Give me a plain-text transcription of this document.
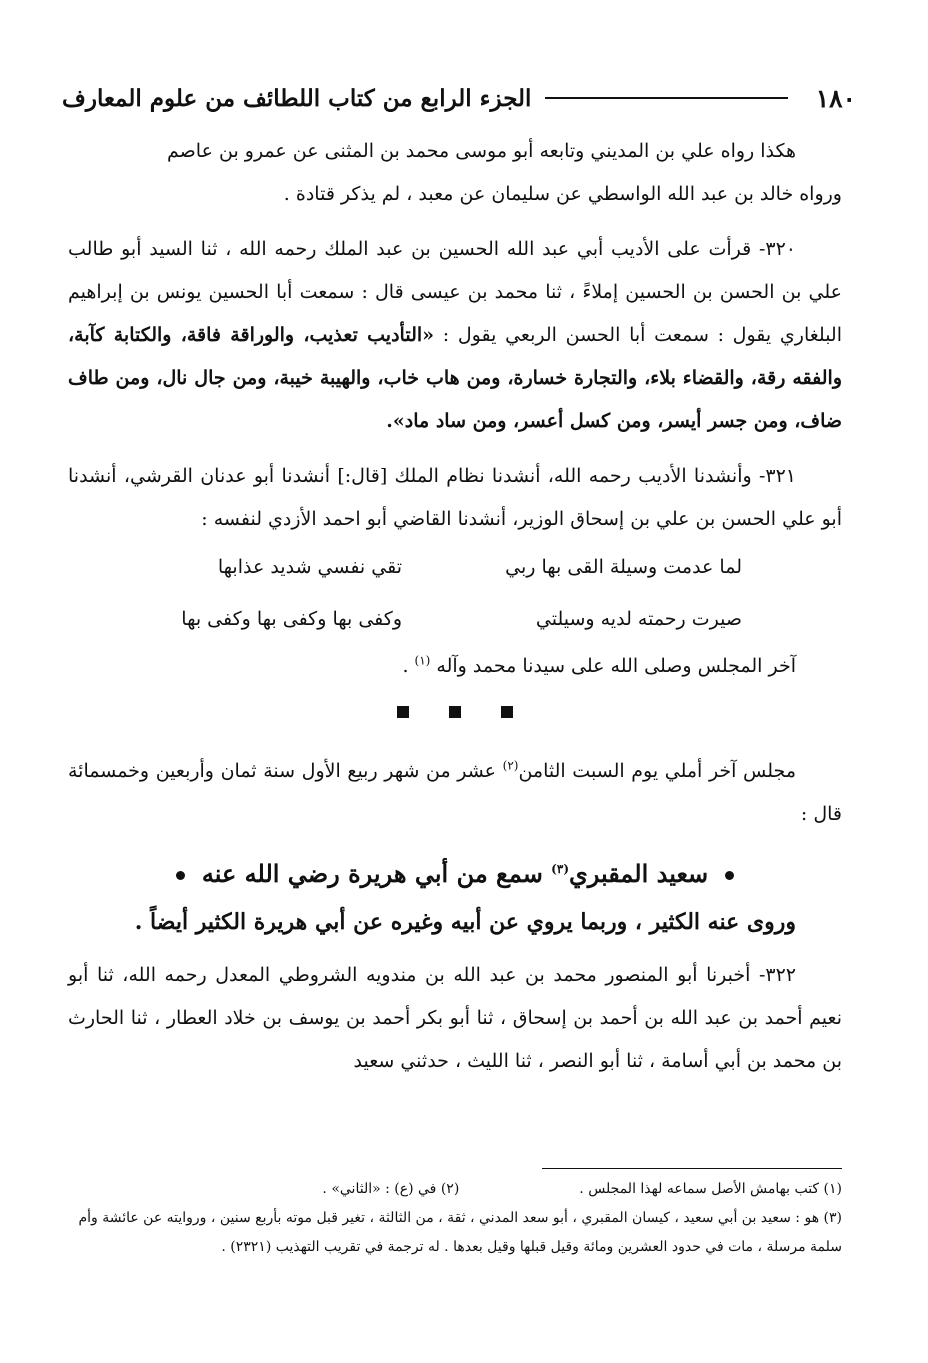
١٨٠
الجزء الرابع من كتاب اللطائف من علوم المعارف

هكذا رواه علي بن المديني وتابعه أبو موسى محمد بن المثنى عن عمرو بن عاصم
ورواه خالد بن عبد الله الواسطي عن سليمان عن معبد ، لم يذكر قتادة .

٣٢٠- قرأت على الأديب أبي عبد الله الحسين بن عبد الملك رحمه الله ، ثنا السيد أبو طالب علي بن الحسن بن الحسين إملاءً ، ثنا محمد بن عيسى قال : سمعت أبا الحسين يونس بن إبراهيم البلغاري يقول : سمعت أبا الحسن الربعي يقول : «التأديب تعذيب، والوراقة فاقة، والكتابة كآبة، والفقه رقة، والقضاء بلاء، والتجارة خسارة، ومن هاب خاب، والهيبة خيبة، ومن جال نال، ومن طاف ضاف، ومن جسر أيسر، ومن كسل أعسر، ومن ساد ماد».

٣٢١- وأنشدنا الأديب رحمه الله، أنشدنا نظام الملك [قال:] أنشدنا أبو عدنان القرشي، أنشدنا أبو علي الحسن بن علي بن إسحاق الوزير، أنشدنا القاضي أبو احمد الأزدي لنفسه :

لما عدمت وسيلة القى بها ربي
تقي نفسي شديد عذابها
صيرت رحمته لديه وسيلتي
وكفى بها وكفى بها وكفى بها

آخر المجلس وصلى الله على سيدنا محمد وآله $^{(١)}$ .

مجلس آخر أملي يوم السبت الثامن$^{(٢)}$ عشر من شهر ربيع الأول سنة ثمان وأربعين وخمسمائة قال :

سعيد المقبري$^{(٣)}$ سمع من أبي هريرة رضي الله عنه

وروى عنه الكثير ، وربما يروي عن أبيه وغيره عن أبي هريرة الكثير أيضاً .

٣٢٢- أخبرنا أبو المنصور محمد بن عبد الله بن مندويه الشروطي المعدل رحمه الله، ثنا أبو نعيم أحمد بن عبد الله بن أحمد بن إسحاق ، ثنا أبو بكر أحمد بن يوسف بن خلاد العطار ، ثنا الحارث بن محمد بن أبي أسامة ، ثنا أبو النصر ، ثنا الليث ، حدثني سعيد

(١) كتب بهامش الأصل سماعه لهذا المجلس .
(٢) في (ع) : «الثاني» .
(٣) هو : سعيد بن أبي سعيد ، كيسان المقبري ، أبو سعد المدني ، ثقة ، من الثالثة ، تغير قبل موته بأربع سنين ، وروايته عن عائشة وأم سلمة مرسلة ، مات في حدود العشرين ومائة وقيل قبلها وقيل بعدها . له ترجمة في تقريب التهذيب (٢٣٢١) .
